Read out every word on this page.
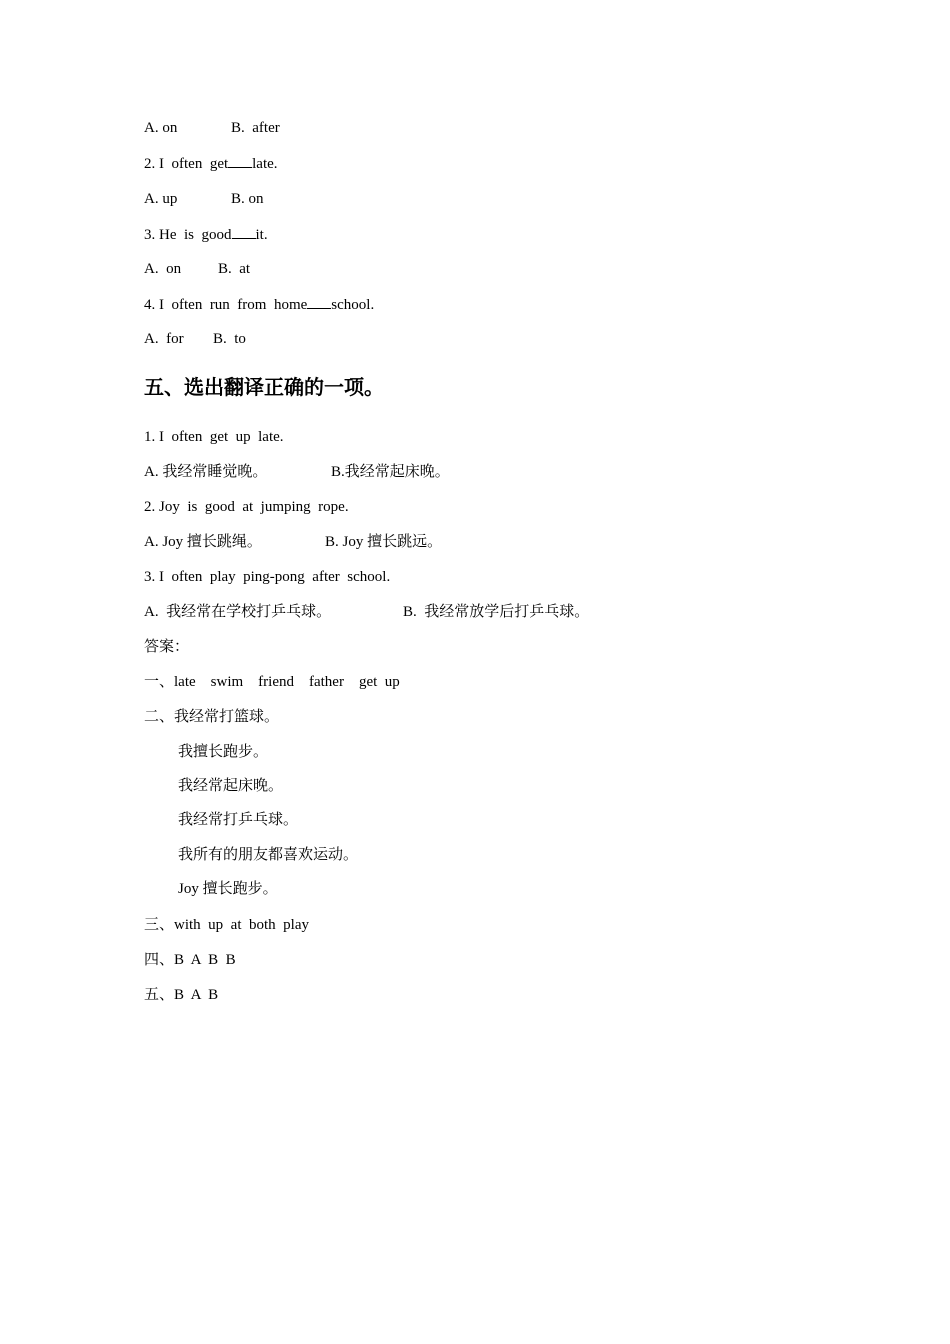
A. on	B.  after
2. I  often  get late.
A. up	B. on
3. He  is  good it.
A.  on B.  at
4. I  often  run  from  home school.
A.  for B.  to
五、选出翻译正确的一项。
1. I  often  get  up  late.
A. 我经常睡觉晚。	B.我经常起床晚。
2. Joy  is  good  at  jumping  rope.
A. Joy 擅长跳绳。	B. Joy 擅长跳远。
3. I  often  play  ping-pong  after  school.
A.  我经常在学校打乒乓球。	B.  我经常放学后打乒乓球。
答案：
一、late    swim    friend    father    get  up
二、我经常打篮球。
我擅长跑步。
我经常起床晚。
我经常打乒乓球。
我所有的朋友都喜欢运动。
Joy 擅长跑步。
三、with  up  at  both  play
四、B  A  B  B
五、B  A  B
